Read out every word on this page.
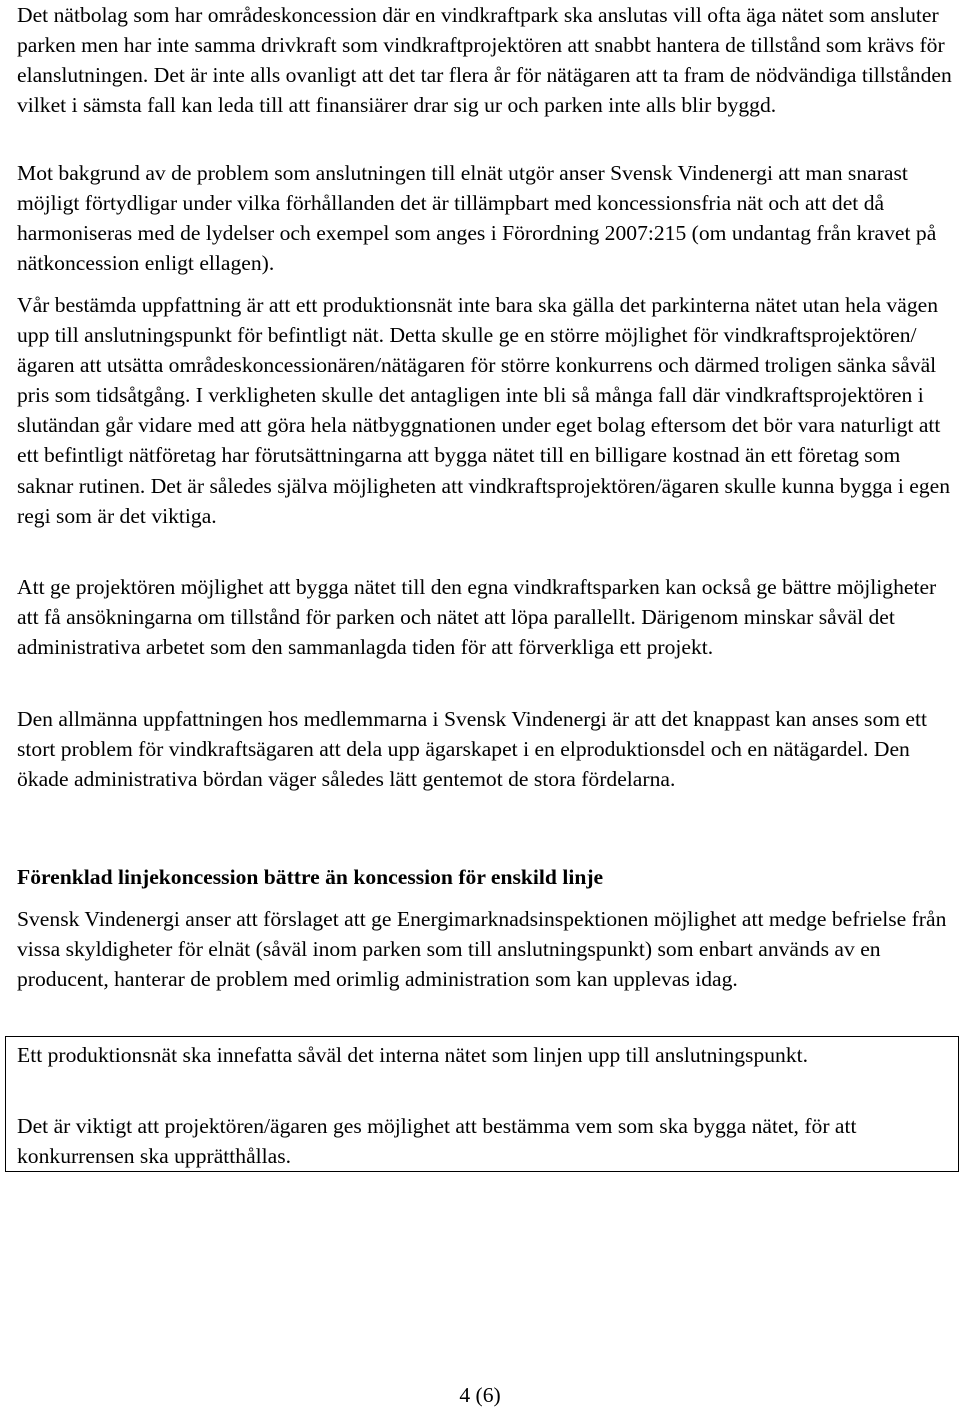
Det nätbolag som har områdeskoncession där en vindkraftpark ska anslutas vill ofta äga nätet som ansluter parken men har inte samma drivkraft som vindkraftprojektören att snabbt hantera de tillstånd som krävs för elanslutningen. Det är inte alls ovanligt att det tar flera år för nätägaren att ta fram de nödvändiga tillstånden vilket i sämsta fall kan leda till att finansiärer drar sig ur och parken inte alls blir byggd.

Mot bakgrund av de problem som anslutningen till elnät utgör anser Svensk Vindenergi att man snarast möjligt förtydligar under vilka förhållanden det är tillämpbart med koncessionsfria nät och att det då harmoniseras med de lydelser och exempel som anges i Förordning 2007:215 (om undantag från kravet på nätkoncession enligt ellagen).

Vår bestämda uppfattning är att ett produktionsnät inte bara ska gälla det parkinterna nätet utan hela vägen upp till anslutningspunkt för befintligt nät. Detta skulle ge en större möjlighet för vindkraftsprojektören/ägaren att utsätta områdeskoncessionären/nätägaren för större konkurrens och därmed troligen sänka såväl pris som tidsåtgång. I verkligheten skulle det antagligen inte bli så många fall där vindkraftsprojektören i slutändan går vidare med att göra hela nätbyggnationen under eget bolag eftersom det bör vara naturligt att ett befintligt nätföretag har förutsättningarna att bygga nätet till en billigare kostnad än ett företag som saknar rutinen. Det är således själva möjligheten att vindkraftsprojektören/ägaren skulle kunna bygga i egen regi som är det viktiga.

Att ge projektören möjlighet att bygga nätet till den egna vindkraftsparken kan också ge bättre möjligheter att få ansökningarna om tillstånd för parken och nätet att löpa parallellt. Därigenom minskar såväl det administrativa arbetet som den sammanlagda tiden för att förverkliga ett projekt.

Den allmänna uppfattningen hos medlemmarna i Svensk Vindenergi är att det knappast kan anses som ett stort problem för vindkraftsägaren att dela upp ägarskapet i en elproduktionsdel och en nätägardel. Den ökade administrativa bördan väger således lätt gentemot de stora fördelarna.

Förenklad linjekoncession bättre än koncession för enskild linje

Svensk Vindenergi anser att förslaget att ge Energimarknadsinspektionen möjlighet att medge befrielse från vissa skyldigheter för elnät (såväl inom parken som till anslutningspunkt) som enbart används av en producent, hanterar de problem med orimlig administration som kan upplevas idag.

Ett produktionsnät ska innefatta såväl det interna nätet som linjen upp till anslutningspunkt.

Det är viktigt att projektören/ägaren ges möjlighet att bestämma vem som ska bygga nätet, för att konkurrensen ska upprätthållas.

4 (6)
